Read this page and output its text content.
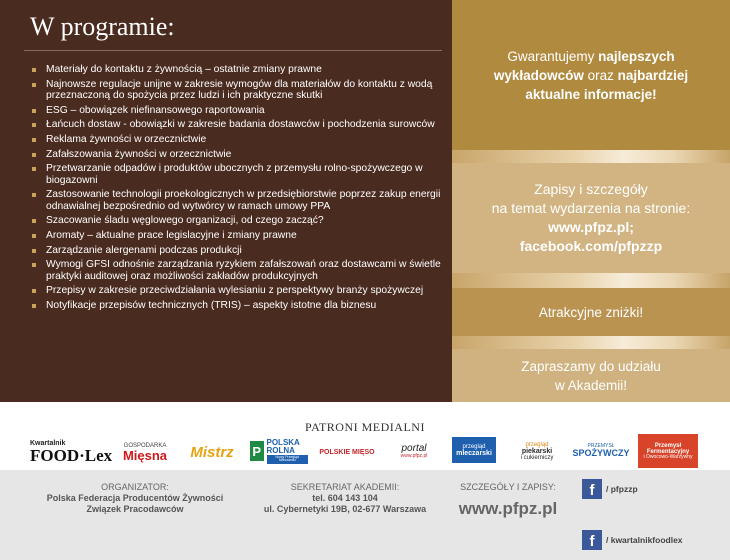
W programie:
Materiały do kontaktu z żywnością – ostatnie zmiany prawne
Najnowsze regulacje unijne w zakresie wymogów dla materiałów do kontaktu z wodą przeznaczoną do spożycia przez ludzi i ich praktyczne skutki
ESG – obowiązek niefinansowego raportowania
Łańcuch dostaw - obowiązki w zakresie badania dostawców i pochodzenia surowców
Reklama żywności w orzecznictwie
Zafałszowania żywności w orzecznictwie
Przetwarzanie odpadów i produktów ubocznych z przemysłu rolno-spożywczego w biogazowni
Zastosowanie technologii proekologicznych w przedsiębiorstwie poprzez zakup energii odnawialnej bezpośrednio od wytwórcy w ramach umowy PPA
Szacowanie śladu węglowego organizacji, od czego zacząć?
Aromaty – aktualne prace legislacyjne i zmiany prawne
Zarządzanie alergenami podczas produkcji
Wymogi GFSI odnośnie zarządzania ryzykiem zafałszowań oraz dostawcami w świetle praktyki auditowej oraz możliwości zakładów produkcyjnych
Przepisy w zakresie przeciwdziałania wylesianiu z perspektywy branży spożywczej
Notyfikacje przepisów technicznych (TRIS) – aspekty istotne dla biznesu
Gwarantujemy najlepszych wykładowców oraz najbardziej aktualne informacje!
Zapisy i szczegóły
na temat wydarzenia na stronie:
www.pfpz.pl;
facebook.com/pfpzzp
Atrakcyjne zniżki!
Zapraszamy do udziału
w Akademii!
PATRONI MEDIALNI
Kwartalnik
FOOD·Lex
GOSPODARKA
Mięsna Mistrz P
POLSKA
ROLNA
Nowy Przegląd Mleczarski
POLSKIE MIĘSO	portal
www.pfpz.pl
przegląd
mleczarski
przegląd
piekarski
i cukierniczy
PRZEMYSŁ
SPOŻYWCZY
Przemysł
Fermentacyjny
i Owocowo-Warzywny
ORGANIZATOR:
Polska Federacja Producentów Żywności
Związek Pracodawców
SEKRETARIAT AKADEMII:
tel. 604 143 104
ul. Cybernetyki 19B, 02-677 Warszawa
SZCZEGÓŁY I ZAPISY:
www.pfpz.pl
f	/ pfpzzp
f	/ kwartalnikfoodlex
